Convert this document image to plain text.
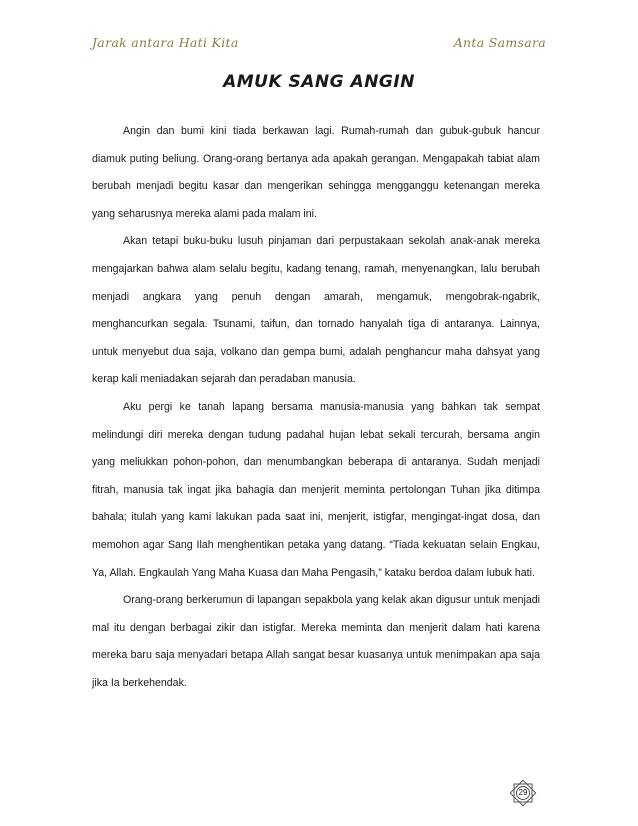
Jarak antara Hati Kita	Anta Samsara
AMUK SANG ANGIN

Angin dan bumi kini tiada berkawan lagi. Rumah-rumah dan gubuk-gubuk hancur diamuk puting beliung. Orang-orang bertanya ada apakah gerangan. Mengapakah tabiat alam berubah menjadi begitu kasar dan mengerikan sehingga mengganggu ketenangan mereka yang seharusnya mereka alami pada malam ini.

Akan tetapi buku-buku lusuh pinjaman dari perpustakaan sekolah anak-anak mereka mengajarkan bahwa alam selalu begitu, kadang tenang, ramah, menyenangkan, lalu berubah menjadi angkara yang penuh dengan amarah, mengamuk, mengobrak-ngabrik, menghancurkan segala. Tsunami, taifun, dan tornado hanyalah tiga di antaranya. Lainnya, untuk menyebut dua saja, volkano dan gempa bumi, adalah penghancur maha dahsyat yang kerap kali meniadakan sejarah dan peradaban manusia.

Aku pergi ke tanah lapang bersama manusia-manusia yang bahkan tak sempat melindungi diri mereka dengan tudung padahal hujan lebat sekali tercurah, bersama angin yang meliukkan pohon-pohon, dan menumbangkan beberapa di antaranya. Sudah menjadi fitrah, manusia tak ingat jika bahagia dan menjerit meminta pertolongan Tuhan jika ditimpa bahala; itulah yang kami lakukan pada saat ini, menjerit, istigfar, mengingat-ingat dosa, dan memohon agar Sang Ilah menghentikan petaka yang datang. “Tiada kekuatan selain Engkau, Ya, Allah. Engkaulah Yang Maha Kuasa dan Maha Pengasih,” kataku berdoa dalam lubuk hati.

Orang-orang berkerumun di lapangan sepakbola yang kelak akan digusur untuk menjadi mal itu dengan berbagai zikir dan istigfar. Mereka meminta dan menjerit dalam hati karena mereka baru saja menyadari betapa Allah sangat besar kuasanya untuk menimpakan apa saja jika Ia berkehendak.

29
